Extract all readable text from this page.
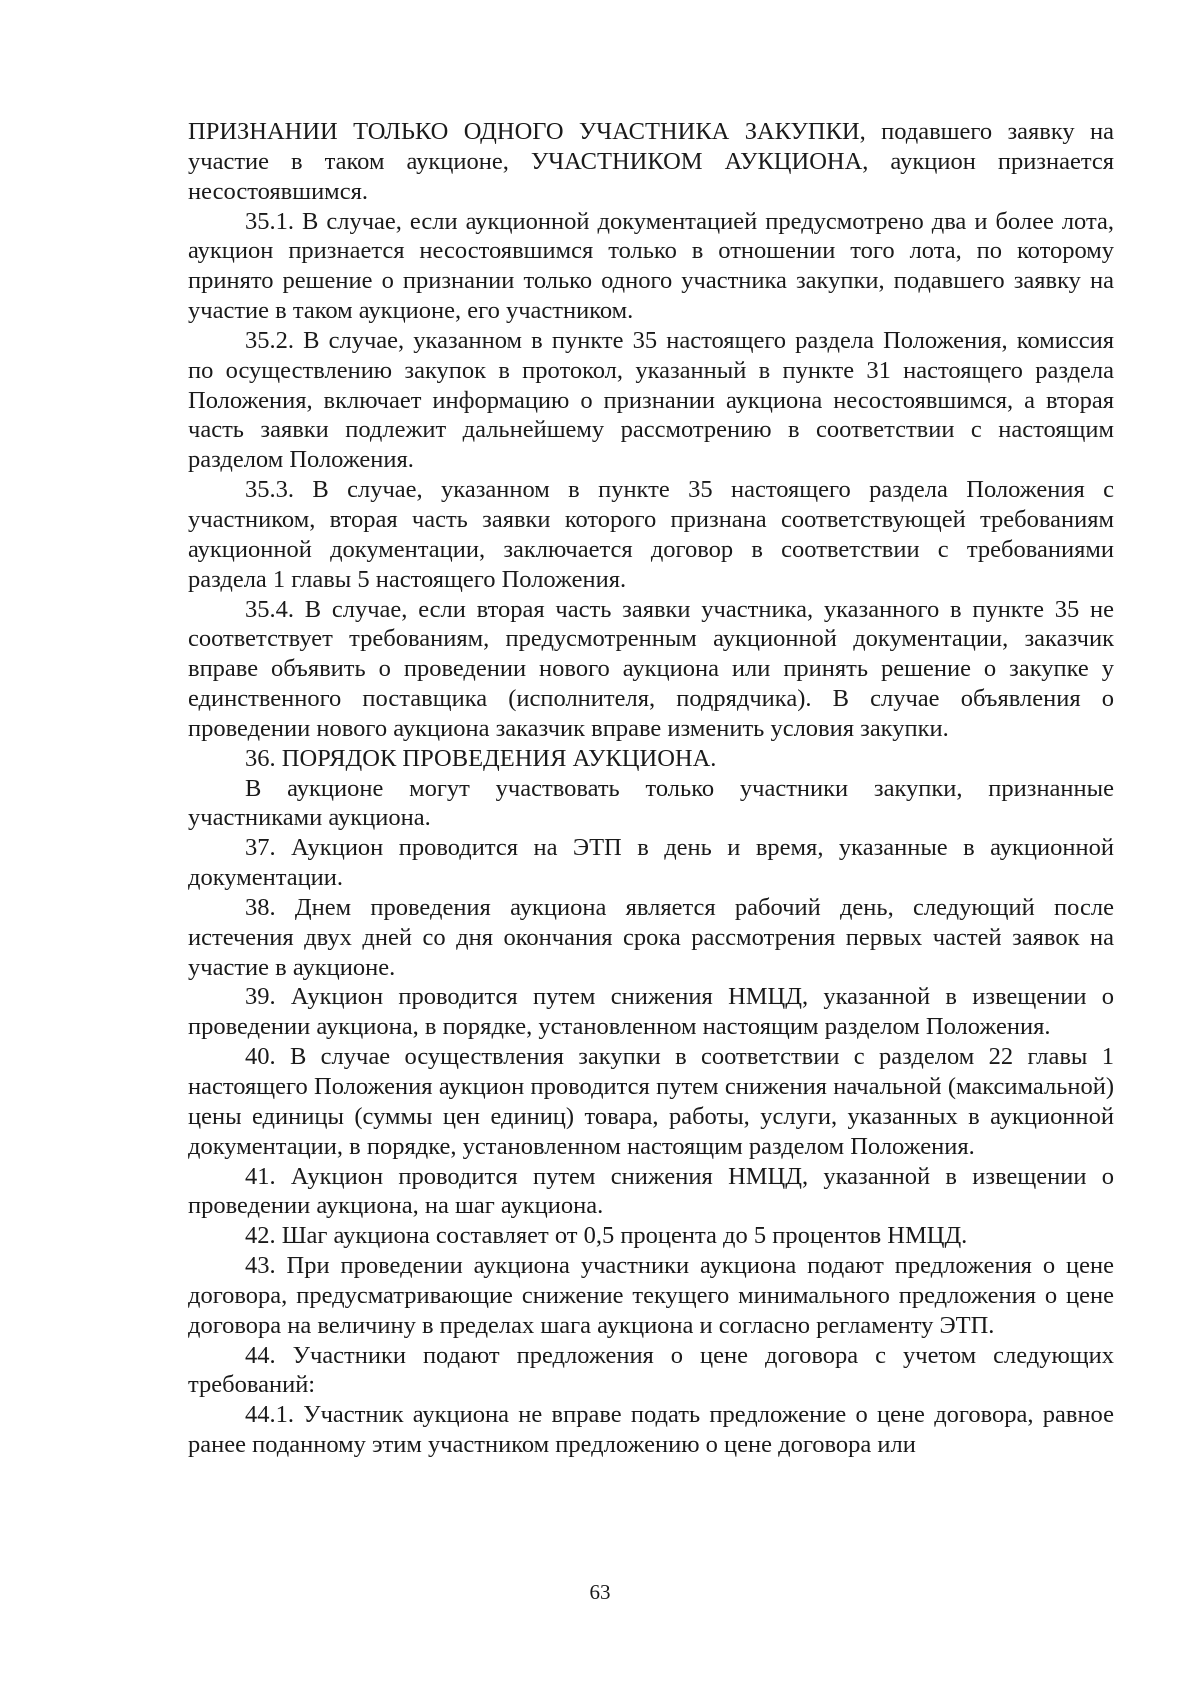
ПРИЗНАНИИ ТОЛЬКО ОДНОГО УЧАСТНИКА ЗАКУПКИ, подавшего заявку на участие в таком аукционе, УЧАСТНИКОМ АУКЦИОНА, аукцион признается несостоявшимся.

35.1. В случае, если аукционной документацией предусмотрено два и более лота, аукцион признается несостоявшимся только в отношении того лота, по которому принято решение о признании только одного участника закупки, подавшего заявку на участие в таком аукционе, его участником.

35.2. В случае, указанном в пункте 35 настоящего раздела Положения, комиссия по осуществлению закупок в протокол, указанный в пункте 31 настоящего раздела Положения, включает информацию о признании аукциона несостоявшимся, а вторая часть заявки подлежит дальнейшему рассмотрению в соответствии с настоящим разделом Положения.

35.3. В случае, указанном в пункте 35 настоящего раздела Положения с участником, вторая часть заявки которого признана соответствующей требованиям аукционной документации, заключается договор в соответствии с требованиями раздела 1 главы 5 настоящего Положения.

35.4. В случае, если вторая часть заявки участника, указанного в пункте 35 не соответствует требованиям, предусмотренным аукционной документации, заказчик вправе объявить о проведении нового аукциона или принять решение о закупке у единственного поставщика (исполнителя, подрядчика). В случае объявления о проведении нового аукциона заказчик вправе изменить условия закупки.

36. ПОРЯДОК ПРОВЕДЕНИЯ АУКЦИОНА.

В аукционе могут участвовать только участники закупки, признанные участниками аукциона.

37. Аукцион проводится на ЭТП в день и время, указанные в аукционной документации.

38. Днем проведения аукциона является рабочий день, следующий после истечения двух дней со дня окончания срока рассмотрения первых частей заявок на участие в аукционе.

39. Аукцион проводится путем снижения НМЦД, указанной в извещении о проведении аукциона, в порядке, установленном настоящим разделом Положения.

40. В случае осуществления закупки в соответствии с разделом 22 главы 1 настоящего Положения аукцион проводится путем снижения начальной (максимальной) цены единицы (суммы цен единиц) товара, работы, услуги, указанных в аукционной документации, в порядке, установленном настоящим разделом Положения.

41. Аукцион проводится путем снижения НМЦД, указанной в извещении о проведении аукциона, на шаг аукциона.

42. Шаг аукциона составляет от 0,5 процента до 5 процентов НМЦД.

43. При проведении аукциона участники аукциона подают предложения о цене договора, предусматривающие снижение текущего минимального предложения о цене договора на величину в пределах шага аукциона и согласно регламенту ЭТП.

44. Участники подают предложения о цене договора с учетом следующих требований:

44.1. Участник аукциона не вправе подать предложение о цене договора, равное ранее поданному этим участником предложению о цене договора или

63
